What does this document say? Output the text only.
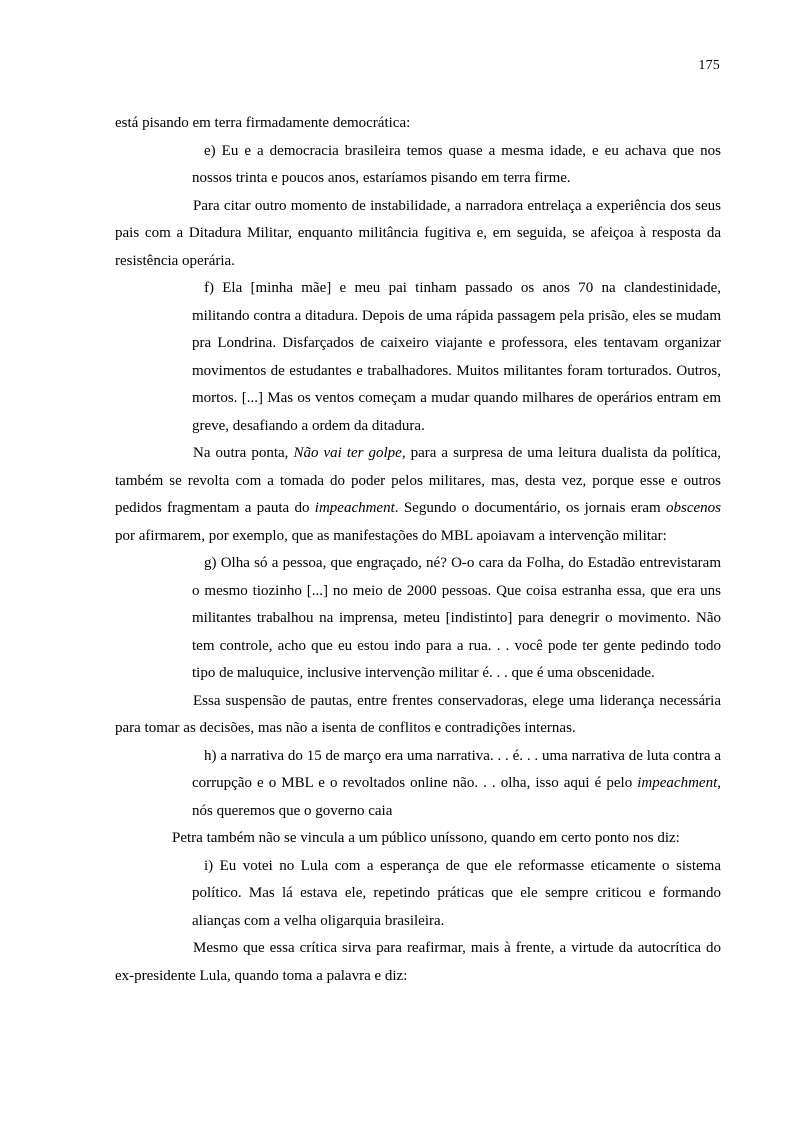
175

está pisando em terra firmadamente democrática:

e) Eu e a democracia brasileira temos quase a mesma idade, e eu achava que nos nossos trinta e poucos anos, estaríamos pisando em terra firme.

Para citar outro momento de instabilidade, a narradora entrelaça a experiência dos seus pais com a Ditadura Militar, enquanto militância fugitiva e, em seguida, se afeiçoa à resposta da resistência operária.

f) Ela [minha mãe] e meu pai tinham passado os anos 70 na clandestinidade, militando contra a ditadura. Depois de uma rápida passagem pela prisão, eles se mudam pra Londrina. Disfarçados de caixeiro viajante e professora, eles tentavam organizar movimentos de estudantes e trabalhadores. Muitos militantes foram torturados. Outros, mortos. [...] Mas os ventos começam a mudar quando milhares de operários entram em greve, desafiando a ordem da ditadura.

Na outra ponta, Não vai ter golpe, para a surpresa de uma leitura dualista da política, também se revolta com a tomada do poder pelos militares, mas, desta vez, porque esse e outros pedidos fragmentam a pauta do impeachment. Segundo o documentário, os jornais eram obscenos por afirmarem, por exemplo, que as manifestações do MBL apoiavam a intervenção militar:

g) Olha só a pessoa, que engraçado, né? O-o cara da Folha, do Estadão entrevistaram o mesmo tiozinho [...] no meio de 2000 pessoas. Que coisa estranha essa, que era uns militantes trabalhou na imprensa, meteu [indistinto] para denegrir o movimento. Não tem controle, acho que eu estou indo para a rua. . . você pode ter gente pedindo todo tipo de maluquice, inclusive intervenção militar é. . . que é uma obscenidade.

Essa suspensão de pautas, entre frentes conservadoras, elege uma liderança necessária para tomar as decisões, mas não a isenta de conflitos e contradições internas.

h) a narrativa do 15 de março era uma narrativa. . . é. . . uma narrativa de luta contra a corrupção e o MBL e o revoltados online não. . . olha, isso aqui é pelo impeachment, nós queremos que o governo caia

Petra também não se vincula a um público uníssono, quando em certo ponto nos diz:

i) Eu votei no Lula com a esperança de que ele reformasse eticamente o sistema político. Mas lá estava ele, repetindo práticas que ele sempre criticou e formando alianças com a velha oligarquia brasileira.

Mesmo que essa crítica sirva para reafirmar, mais à frente, a virtude da autocrítica do ex-presidente Lula, quando toma a palavra e diz:
